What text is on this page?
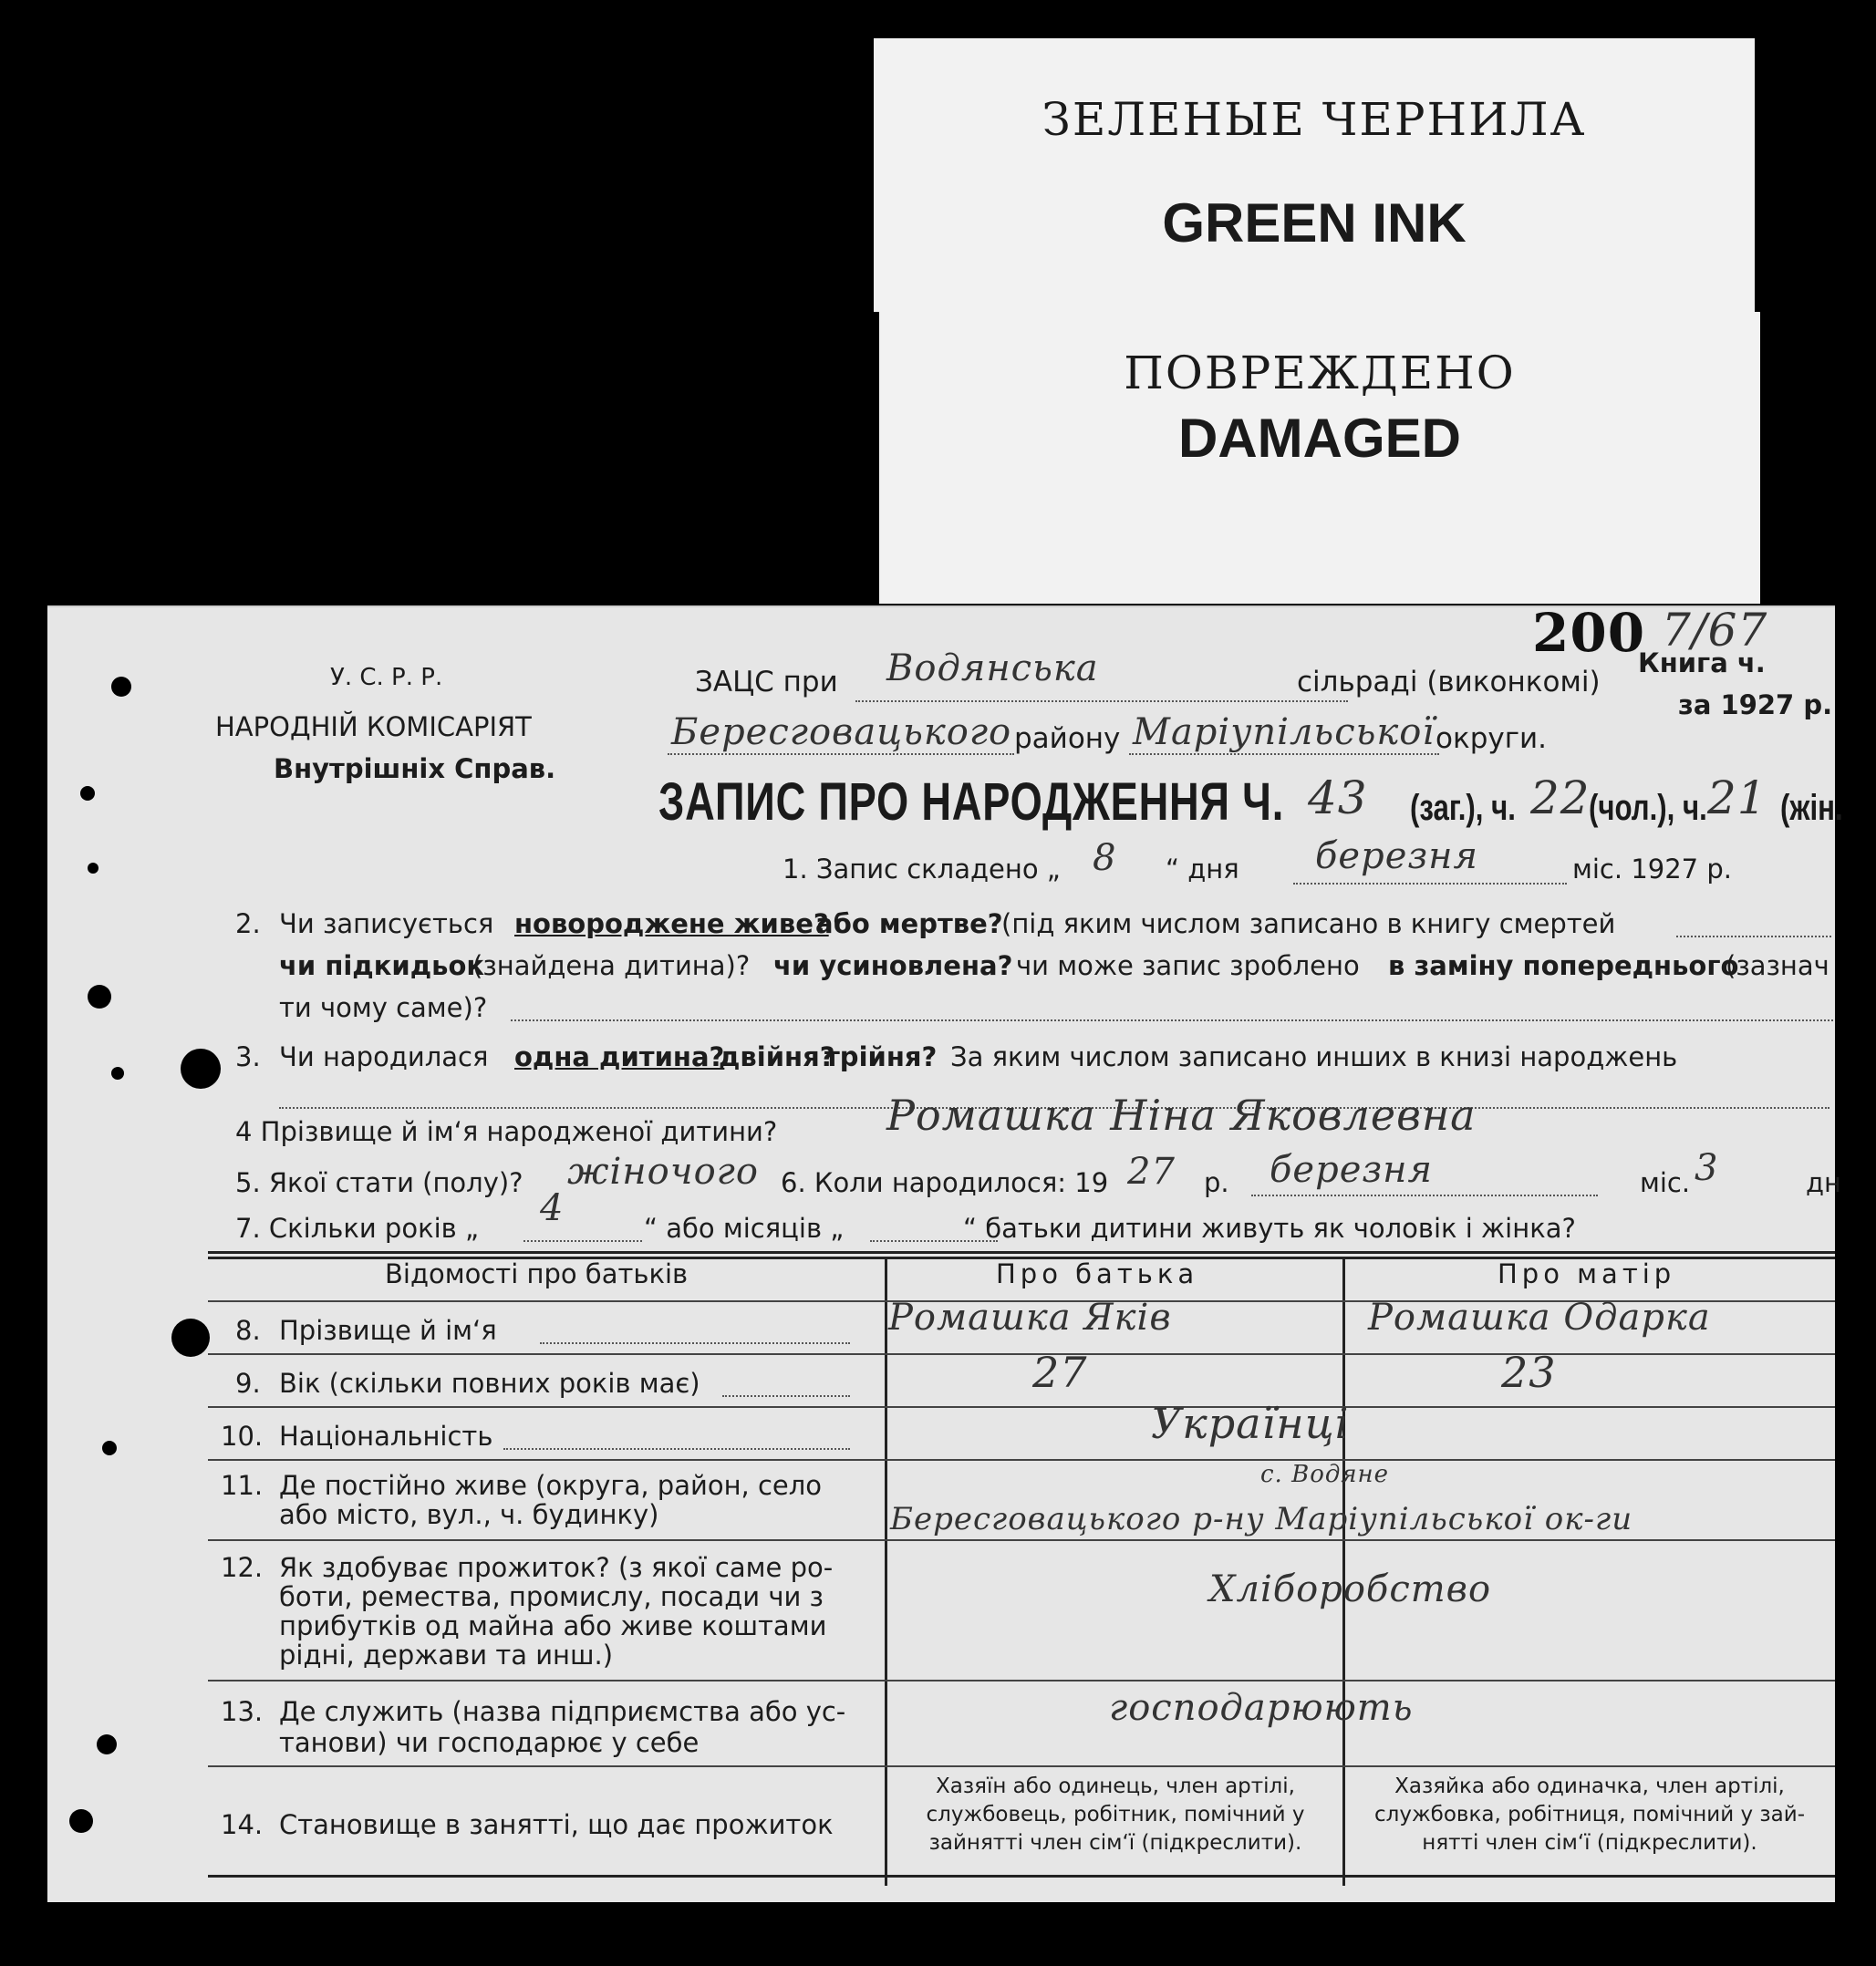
ЗЕЛЕНЫЕ ЧЕРНИЛА
GREEN INK
ПОВРЕЖДЕНО
DAMAGED
200 7/67
Книга ч.
за 1927 р.
У. С. Р. Р.
НАРОДНІЙ КОМІСАРІЯТ
Внутрішніх Справ.
ЗАЦС при Водянська	сільраді (виконкомі)
Бересговацького району Маріупільської округи.
ЗАПИС ПРО НАРОДЖЕННЯ Ч. 43 (заг.), ч. 22
(чол.), ч. 21 (жін.
1. Запис складено „ 8 “ дня березня	міс. 1927 р.
2. Чи записується новороджене живе?
або мертве?
(під яким числом записано в книгу смертей
чи підкидьок
(знайдена дитина)? чи усиновлена? чи може запис зроблено в заміну попереднього
(зазнач
ти чому саме)?
3. Чи народилася одна дитина?
двійня?
трійня? За яким числом записано инших в книзі народжень
4 Прізвище й ім‘я народженої дитини?	Ромашка Ніна Яковлевна
5. Якої стати (полу)? жіночого 6. Коли народилося: 19 27 р. березня	міс. 3	дн
7. Скільки років „ 4	“ або місяців „	“ батьки дитини живуть як чоловік і жінка?
Відомості про батьків	Про батька	Про матір
8. Прізвище й ім‘я	Ромашка Яків	Ромашка Одарка
9. Вік (скільки повних років має)	27	23
10. Національність	Українці
11. Де постійно живе (округа, район, село
або місто, вул., ч. будинку)
с. Водяне
Бересговацького р-ну Маріупільської ок-ги
12. Як здобуває прожиток? (з якої саме ро-
боти, ремества, промислу, посади чи з
прибутків од майна або живе коштами
рідні, держави та инш.)
Хліборобство
13. Де служить (назва підприємства або ус-
танови) чи господарює у себе
господарюють
14. Становище в занятті, що дає прожиток
Хазяїн або одинець, член артілі,
службовець, робітник, помічний у
зайнятті член сім‘ї (підкреслити).
Хазяйка або одиначка, член артілі,
службовка, робітниця, помічний у зай-
нятті член сім‘ї (підкреслити).
